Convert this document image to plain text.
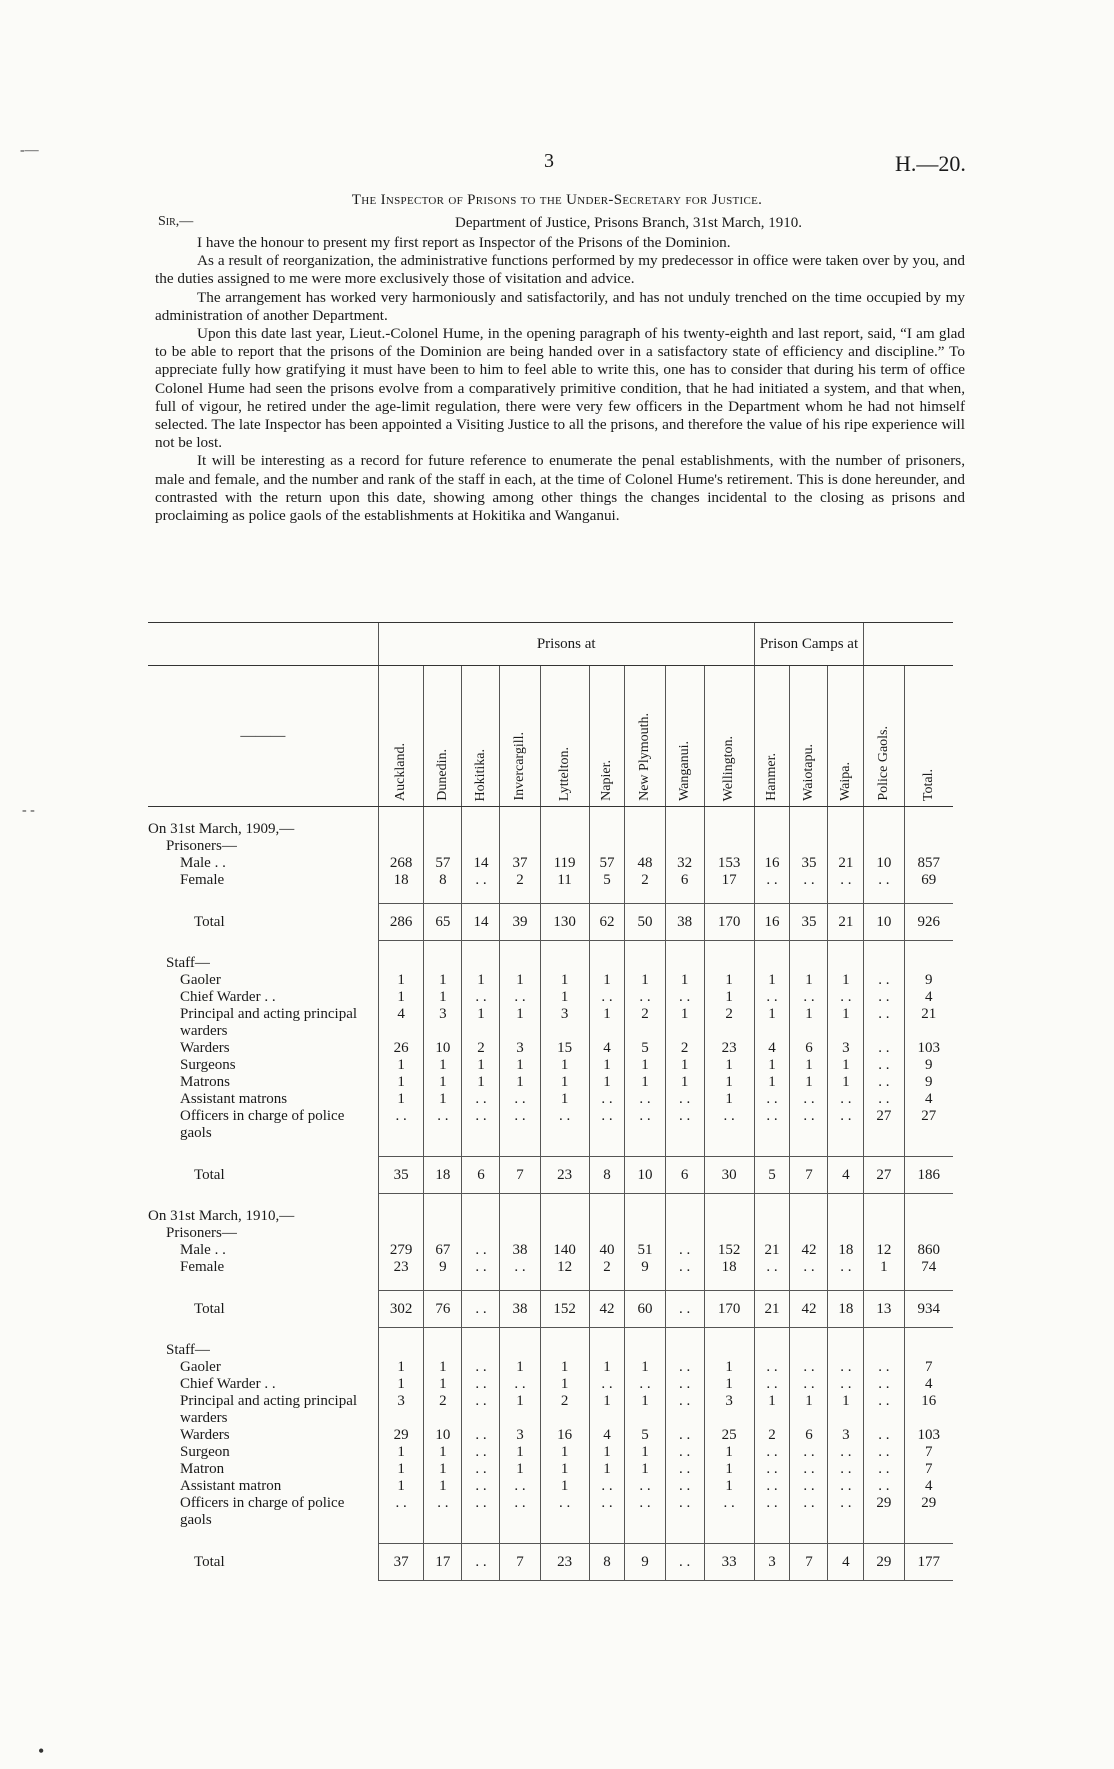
3	H.—20.
The Inspector of Prisons to the Under-Secretary for Justice.
Sir,—	Department of Justice, Prisons Branch, 31st March, 1910.

I have the honour to present my first report as Inspector of the Prisons of the Dominion.

As a result of reorganization, the administrative functions performed by my predecessor in office were taken over by you, and the duties assigned to me were more exclusively those of visitation and advice.

The arrangement has worked very harmoniously and satisfactorily, and has not unduly trenched on the time occupied by my administration of another Department.

Upon this date last year, Lieut.-Colonel Hume, in the opening paragraph of his twenty-eighth and last report, said, “I am glad to be able to report that the prisons of the Dominion are being handed over in a satisfactory state of efficiency and discipline.” To appreciate fully how gratifying it must have been to him to feel able to write this, one has to consider that during his term of office Colonel Hume had seen the prisons evolve from a comparatively primitive condition, that he had initiated a system, and that when, full of vigour, he retired under the age-limit regulation, there were very few officers in the Department whom he had not himself selected. The late Inspector has been appointed a Visiting Justice to all the prisons, and therefore the value of his ripe experience will not be lost.

It will be interesting as a record for future reference to enumerate the penal establishments, with the number of prisoners, male and female, and the number and rank of the staff in each, at the time of Colonel Hume's retirement. This is done hereunder, and contrasted with the return upon this date, showing among other things the changes incidental to the closing as prisons and proclaiming as police gaols of the establishments at Hokitika and Wanganui.

	Prisons at									Prison Camps at				
———	Auckland.	Dunedin.	Hokitika.	Invercargill.	Lyttelton.	Napier.	New Plymouth.	Wanganui.	Wellington.	Hanmer.	Waiotapu.	Waipa.	Police Gaols.	Total.

On 31st March, 1909,—														
Prisoners—														
Male . .	268	57	14	37	119	57	48	32	153	16	35	21	10	857
Female	18	8	. .	2	11	5	2	6	17	. .	. .	. .	. .	69

Total	286	65	14	39	130	62	50	38	170	16	35	21	10	926

Staff—														
Gaoler	1	1	1	1	1	1	1	1	1	1	1	1	. .	9
Chief Warder . .	1	1	. .	. .	1	. .	. .	. .	1	. .	. .	. .	. .	4
Principal and acting principal warders	4	3	1	1	3	1	2	1	2	1	1	1	. .	21
Warders	26	10	2	3	15	4	5	2	23	4	6	3	. .	103
Surgeons	1	1	1	1	1	1	1	1	1	1	1	1	. .	9
Matrons	1	1	1	1	1	1	1	1	1	1	1	1	. .	9
Assistant matrons	1	1	. .	. .	1	. .	. .	. .	1	. .	. .	. .	. .	4
Officers in charge of police gaols	. .	. .	. .	. .	. .	. .	. .	. .	. .	. .	. .	. .	27	27

Total	35	18	6	7	23	8	10	6	30	5	7	4	27	186

On 31st March, 1910,—														
Prisoners—														
Male . .	279	67	. .	38	140	40	51	. .	152	21	42	18	12	860
Female	23	9	. .	. .	12	2	9	. .	18	. .	. .	. .	1	74

Total	302	76	. .	38	152	42	60	. .	170	21	42	18	13	934

Staff—														
Gaoler	1	1	. .	1	1	1	1	. .	1	. .	. .	. .	. .	7
Chief Warder . .	1	1	. .	. .	1	. .	. .	. .	1	. .	. .	. .	. .	4
Principal and acting principal warders	3	2	. .	1	2	1	1	. .	3	1	1	1	. .	16
Warders	29	10	. .	3	16	4	5	. .	25	2	6	3	. .	103
Surgeon	1	1	. .	1	1	1	1	. .	1	. .	. .	. .	. .	7
Matron	1	1	. .	1	1	1	1	. .	1	. .	. .	. .	. .	7
Assistant matron	1	1	. .	. .	1	. .	. .	. .	1	. .	. .	. .	. .	4
Officers in charge of police gaols	. .	. .	. .	. .	. .	. .	. .	. .	. .	. .	. .	. .	29	29

Total	37	17	. .	7	23	8	9	. .	33	3	7	4	29	177
‐—
‐ ‐
•
